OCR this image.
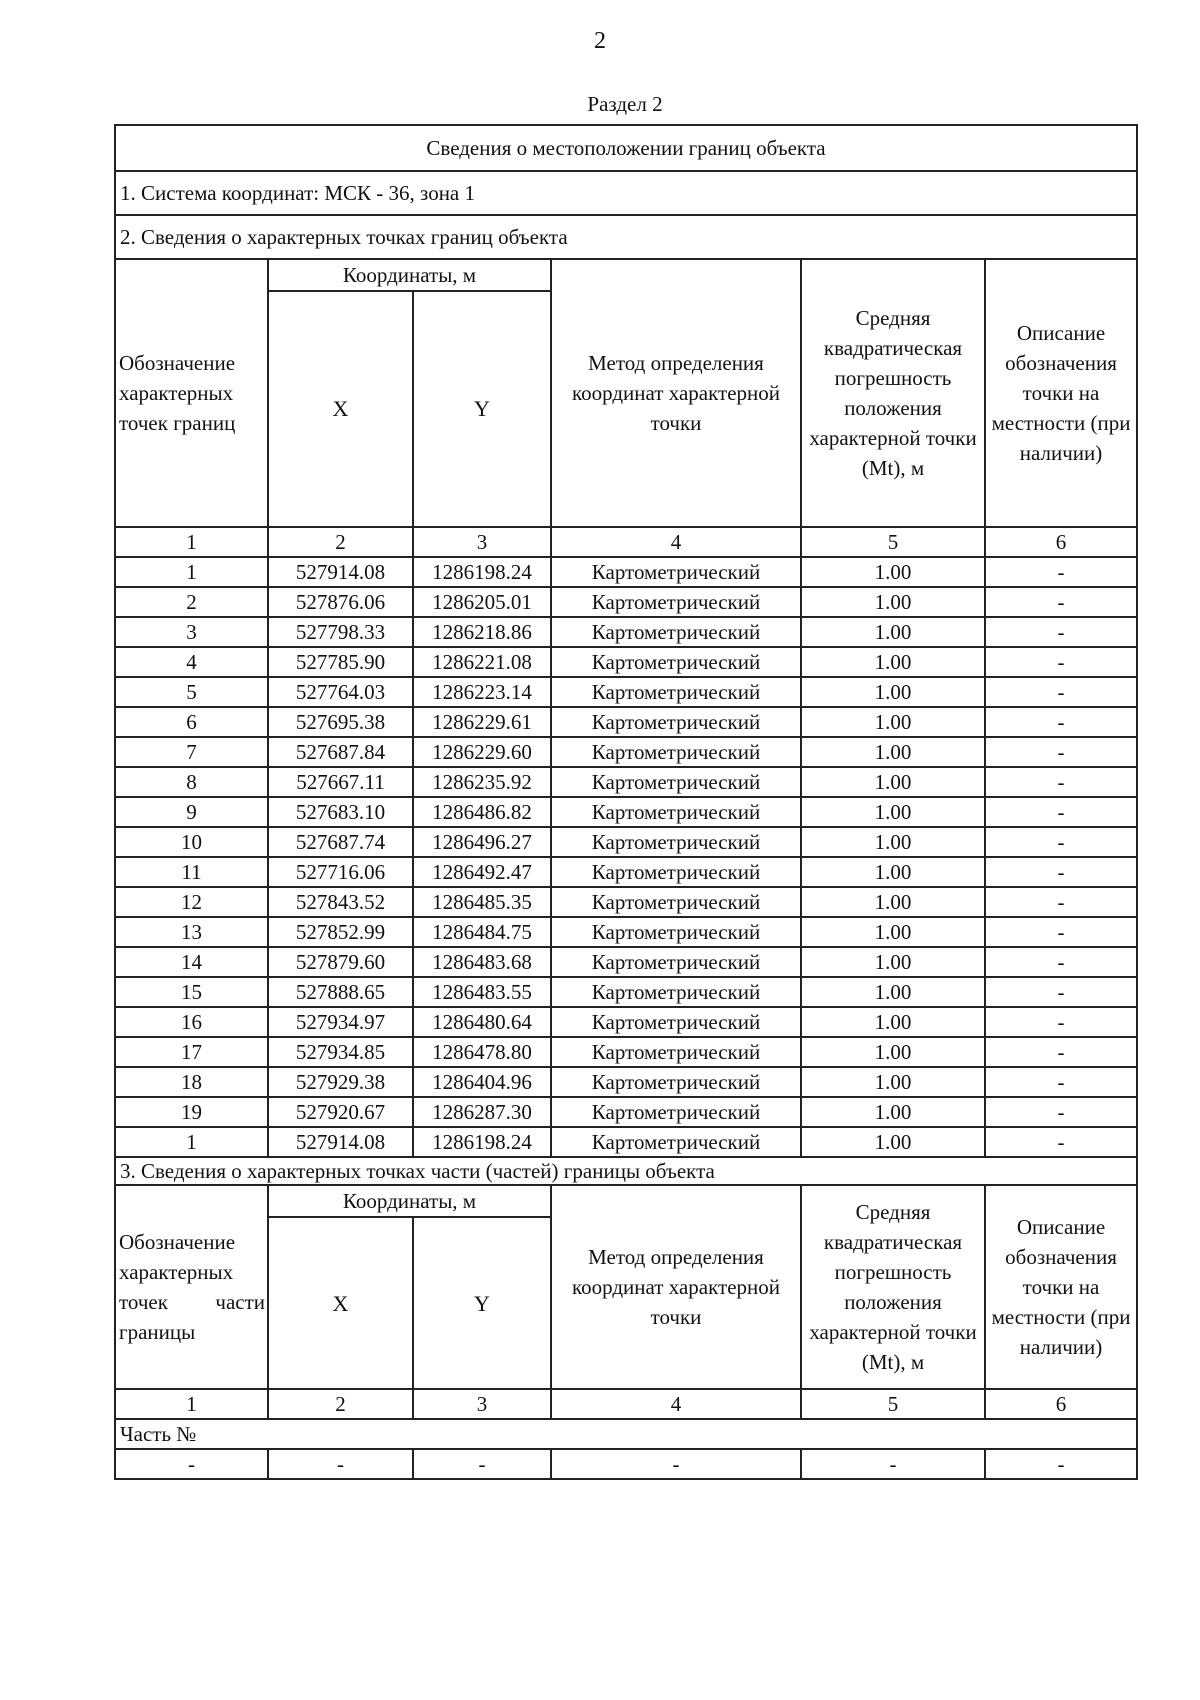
2
Раздел 2
Сведения о местоположении границ объекта					
1. Система координат: МСК - 36, зона 1					
2. Сведения о характерных точках границ объекта					
Обозначение характерных точек границ	Координаты, м		Метод определения координат характерной точки	Средняя квадратическая погрешность положения характерной точки (Mt), м	Описание обозначения точки на местности (при наличии)
	X	Y			
1	2	3	4	5	6
1	527914.08	1286198.24	Картометрический	1.00	-
2	527876.06	1286205.01	Картометрический	1.00	-
3	527798.33	1286218.86	Картометрический	1.00	-
4	527785.90	1286221.08	Картометрический	1.00	-
5	527764.03	1286223.14	Картометрический	1.00	-
6	527695.38	1286229.61	Картометрический	1.00	-
7	527687.84	1286229.60	Картометрический	1.00	-
8	527667.11	1286235.92	Картометрический	1.00	-
9	527683.10	1286486.82	Картометрический	1.00	-
10	527687.74	1286496.27	Картометрический	1.00	-
11	527716.06	1286492.47	Картометрический	1.00	-
12	527843.52	1286485.35	Картометрический	1.00	-
13	527852.99	1286484.75	Картометрический	1.00	-
14	527879.60	1286483.68	Картометрический	1.00	-
15	527888.65	1286483.55	Картометрический	1.00	-
16	527934.97	1286480.64	Картометрический	1.00	-
17	527934.85	1286478.80	Картометрический	1.00	-
18	527929.38	1286404.96	Картометрический	1.00	-
19	527920.67	1286287.30	Картометрический	1.00	-
1	527914.08	1286198.24	Картометрический	1.00	-
3. Сведения о характерных точках части (частей) границы объекта					
Обозначение характерных точек части границы	Координаты, м		Метод определения координат характерной точки	Средняя квадратическая погрешность положения характерной точки (Mt), м	Описание обозначения точки на местности (при наличии)
	X	Y			
1	2	3	4	5	6
Часть №					
-	-	-	-	-	-
